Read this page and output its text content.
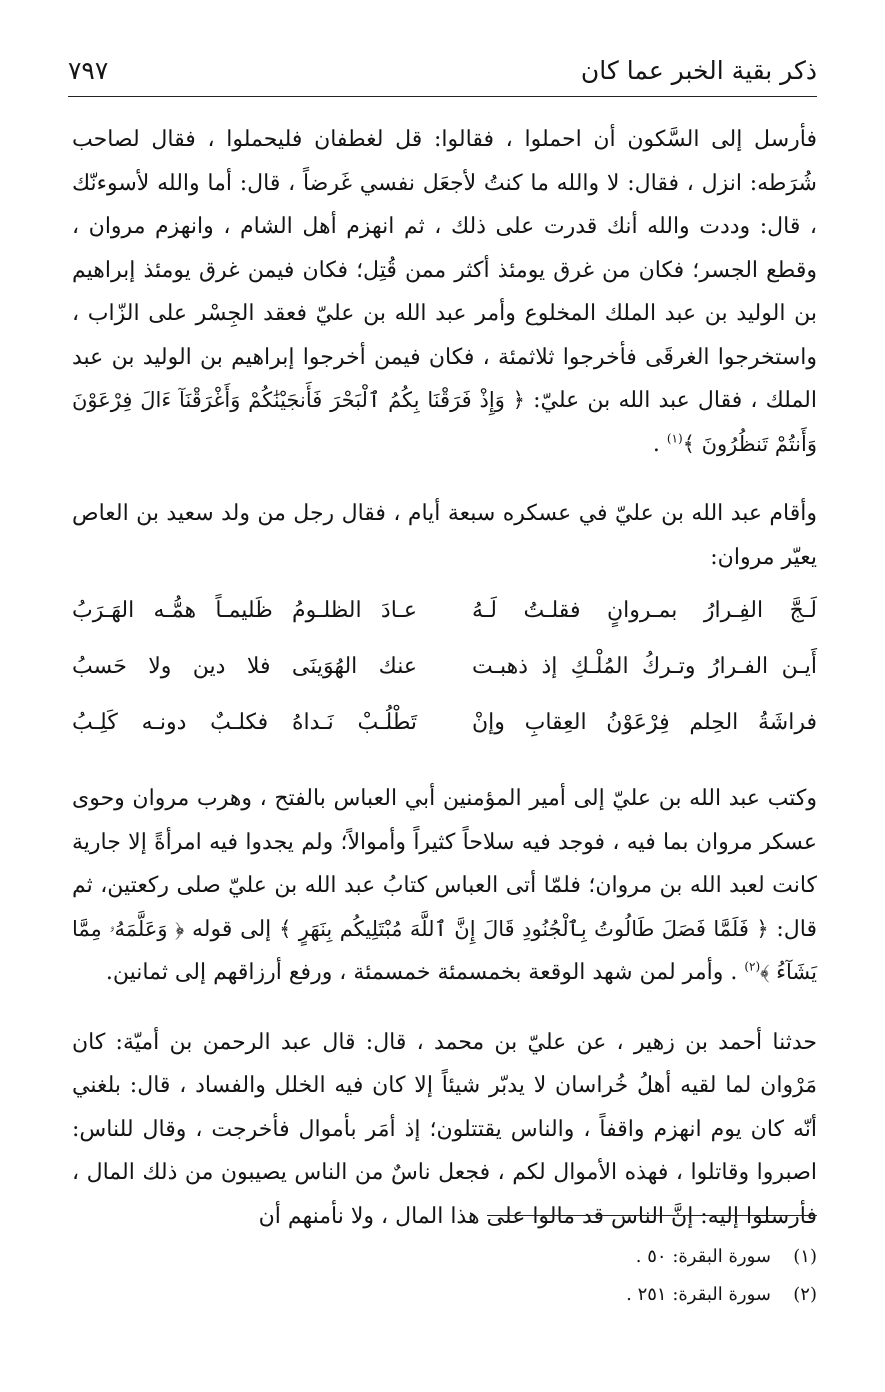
ذكر بقية الخبر عما كان
٧٩٧

فأرسل إلى السَّكون أن احملوا ، فقالوا: قل لغطفان فليحملوا ، فقال لصاحب شُرَطه: انزل ، فقال: لا والله ما كنتُ لأجعَل نفسي غَرضاً ، قال: أما والله لأسوءنّك ، قال: وددت والله أنك قدرت على ذلك ، ثم انهزم أهل الشام ، وانهزم مروان ، وقطع الجسر؛ فكان من غرق يومئذ أكثر ممن قُتِل؛ فكان فيمن غرق يومئذ إبراهيم بن الوليد بن عبد الملك المخلوع وأمر عبد الله بن عليّ فعقد الجِسْر على الزّاب ، واستخرجوا الغرقَى فأخرجوا ثلاثمئة ، فكان فيمن أخرجوا إبراهيم بن الوليد بن عبد الملك ، فقال عبد الله بن عليّ: ﴿ وَإِذْ فَرَقْنَا بِكُمُ ٱلْبَحْرَ فَأَنجَيْنَٰكُمْ وَأَغْرَقْنَآ ءَالَ فِرْعَوْنَ وَأَنتُمْ تَنظُرُونَ ﴾$^{(١)}$ .

وأقام عبد الله بن عليّ في عسكره سبعة أيام ، فقال رجل من ولد سعيد بن العاص يعيّر مروان:

لَـجَّ الفِـرارُ بمـروانٍ فقلـتُ لَـهُ
عـادَ الظلـومُ ظَليمـاً همُّـه الهَـرَبُ
أَيـن الفـرارُ وتـركُ المُلْـكِ إذ ذهبـت
عنك الهُوَينَى فلا دين ولا حَسبُ
فراشَةُ الحِلم فِرْعَوْنُ العِقابِ وإنْ
تَطْلُـبْ نَـداهُ فكلـبٌ دونـه كَلِـبُ

وكتب عبد الله بن عليّ إلى أمير المؤمنين أبي العباس بالفتح ، وهرب مروان وحوى عسكر مروان بما فيه ، فوجد فيه سلاحاً كثيراً وأموالاً؛ ولم يجدوا فيه امرأةً إلا جارية كانت لعبد الله بن مروان؛ فلمّا أتى العباس كتابُ عبد الله بن عليّ صلى ركعتين، ثم قال: ﴿ فَلَمَّا فَصَلَ طَالُوتُ بِٱلْجُنُودِ قَالَ إِنَّ ٱللَّهَ مُبْتَلِيكُم بِنَهَرٍ ﴾ إلى قوله ﴿ وَعَلَّمَهُۥ مِمَّا يَشَآءُ ﴾$^{(٢)}$ . وأمر لمن شهد الوقعة بخمسمئة خمسمئة ، ورفع أرزاقهم إلى ثمانين.

حدثنا أحمد بن زهير ، عن عليّ بن محمد ، قال: قال عبد الرحمن بن أميّة: كان مَرْوان لما لقيه أهلُ خُراسان لا يدبّر شيئاً إلا كان فيه الخلل والفساد ، قال: بلغني أنّه كان يوم انهزم واقفاً ، والناس يقتتلون؛ إذ أمَر بأموال فأخرجت ، وقال للناس: اصبروا وقاتلوا ، فهذه الأموال لكم ، فجعل ناسٌ من الناس يصيبون من ذلك المال ، فأرسلوا إليه: إنَّ الناس قد مالوا على هذا المال ، ولا نأمنهم أن

(١)
سورة البقرة: ٥٠ .
(٢)
سورة البقرة: ٢٥١ .
